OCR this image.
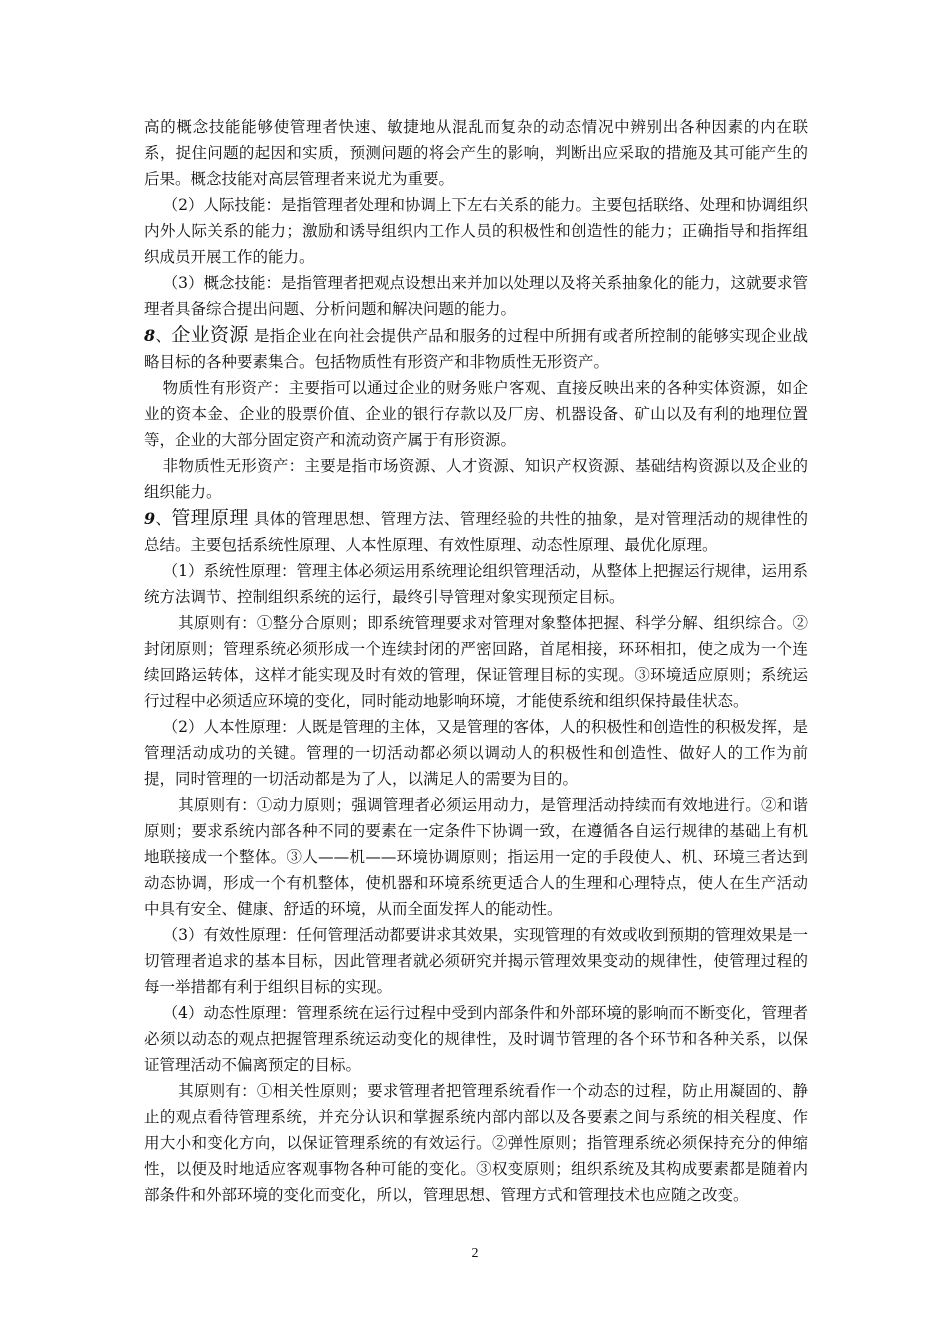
高的概念技能能够使管理者快速、敏捷地从混乱而复杂的动态情况中辨别出各种因素的内在联系，捉住问题的起因和实质，预测问题的将会产生的影响，判断出应采取的措施及其可能产生的后果。概念技能对高层管理者来说尤为重要。

（2）人际技能：是指管理者处理和协调上下左右关系的能力。主要包括联络、处理和协调组织内外人际关系的能力；激励和诱导组织内工作人员的积极性和创造性的能力；正确指导和指挥组织成员开展工作的能力。

（3）概念技能：是指管理者把观点设想出来并加以处理以及将关系抽象化的能力，这就要求管理者具备综合提出问题、分析问题和解决问题的能力。

8、企业资源 是指企业在向社会提供产品和服务的过程中所拥有或者所控制的能够实现企业战略目标的各种要素集合。包括物质性有形资产和非物质性无形资产。

物质性有形资产：主要指可以通过企业的财务账户客观、直接反映出来的各种实体资源，如企业的资本金、企业的股票价值、企业的银行存款以及厂房、机器设备、矿山以及有利的地理位置等，企业的大部分固定资产和流动资产属于有形资源。

非物质性无形资产：主要是指市场资源、人才资源、知识产权资源、基础结构资源以及企业的组织能力。

9、管理原理 具体的管理思想、管理方法、管理经验的共性的抽象，是对管理活动的规律性的总结。主要包括系统性原理、人本性原理、有效性原理、动态性原理、最优化原理。

（1）系统性原理：管理主体必须运用系统理论组织管理活动，从整体上把握运行规律，运用系统方法调节、控制组织系统的运行，最终引导管理对象实现预定目标。

其原则有：①整分合原则；即系统管理要求对管理对象整体把握、科学分解、组织综合。②封闭原则；管理系统必须形成一个连续封闭的严密回路，首尾相接，环环相扣，使之成为一个连续回路运转体，这样才能实现及时有效的管理，保证管理目标的实现。③环境适应原则；系统运行过程中必须适应环境的变化，同时能动地影响环境，才能使系统和组织保持最佳状态。

（2）人本性原理：人既是管理的主体，又是管理的客体，人的积极性和创造性的积极发挥，是管理活动成功的关键。管理的一切活动都必须以调动人的积极性和创造性、做好人的工作为前提，同时管理的一切活动都是为了人，以满足人的需要为目的。

其原则有：①动力原则；强调管理者必须运用动力，是管理活动持续而有效地进行。②和谐原则；要求系统内部各种不同的要素在一定条件下协调一致，在遵循各自运行规律的基础上有机地联接成一个整体。③人——机——环境协调原则；指运用一定的手段使人、机、环境三者达到动态协调，形成一个有机整体，使机器和环境系统更适合人的生理和心理特点，使人在生产活动中具有安全、健康、舒适的环境，从而全面发挥人的能动性。

（3）有效性原理：任何管理活动都要讲求其效果，实现管理的有效或收到预期的管理效果是一切管理者追求的基本目标，因此管理者就必须研究并揭示管理效果变动的规律性，使管理过程的每一举措都有利于组织目标的实现。

（4）动态性原理：管理系统在运行过程中受到内部条件和外部环境的影响而不断变化，管理者必须以动态的观点把握管理系统运动变化的规律性，及时调节管理的各个环节和各种关系，以保证管理活动不偏离预定的目标。

其原则有：①相关性原则；要求管理者把管理系统看作一个动态的过程，防止用凝固的、静止的观点看待管理系统，并充分认识和掌握系统内部内部以及各要素之间与系统的相关程度、作用大小和变化方向，以保证管理系统的有效运行。②弹性原则；指管理系统必须保持充分的伸缩性，以便及时地适应客观事物各种可能的变化。③权变原则；组织系统及其构成要素都是随着内部条件和外部环境的变化而变化，所以，管理思想、管理方式和管理技术也应随之改变。

2
